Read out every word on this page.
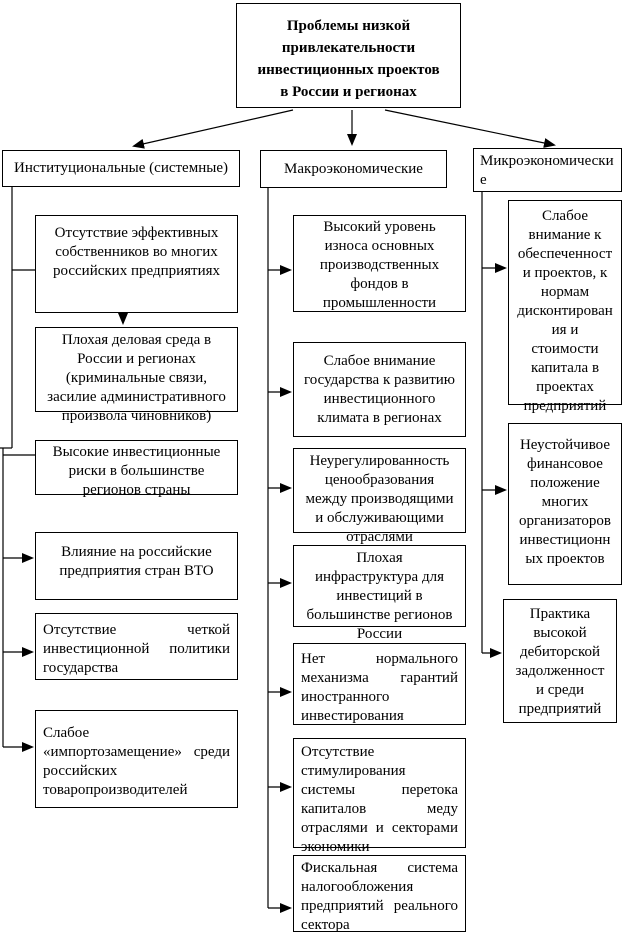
Проблемы низкой
привлекательности
инвестиционных проектов
в России и регионах
Институциональные (системные)	Макроэкономические	Микроэкономические
Отсутствие эффективных
собственников во многих
российских предприятиях
Плохая деловая среда в
России и регионах
(криминальные связи,
засилие административного
произвола чиновников)
Высокие инвестиционные
риски в большинстве
регионов страны
Влияние на российские
предприятия стран ВТО
Отсутствие четкой
инвестиционной политики
государства
Слабое
«импортозамещение» среди
российских
товаропроизводителей
Высокий уровень
износа основных
производственных
фондов в
промышленности
Слабое внимание
государства к развитию
инвестиционного
климата в регионах
Неурегулированность
ценообразования
между производящими
и обслуживающими
отраслями
Плохая
инфраструктура для
инвестиций в
большинстве регионов
России
Нет нормального
механизма гарантий
иностранного
инвестирования
Отсутствие
стимулирования
системы перетока
капиталов меду
отраслями и секторами
экономики
Фискальная система
налогообложения
предприятий реального
сектора
Слабое
внимание к
обеспеченност
и проектов, к
нормам
дисконтирован
ия и
стоимости
капитала в
проектах
предприятий
Неустойчивое
финансовое
положение
многих
организаторов
инвестиционн
ых проектов
Практика
высокой
дебиторской
задолженност
и среди
предприятий
